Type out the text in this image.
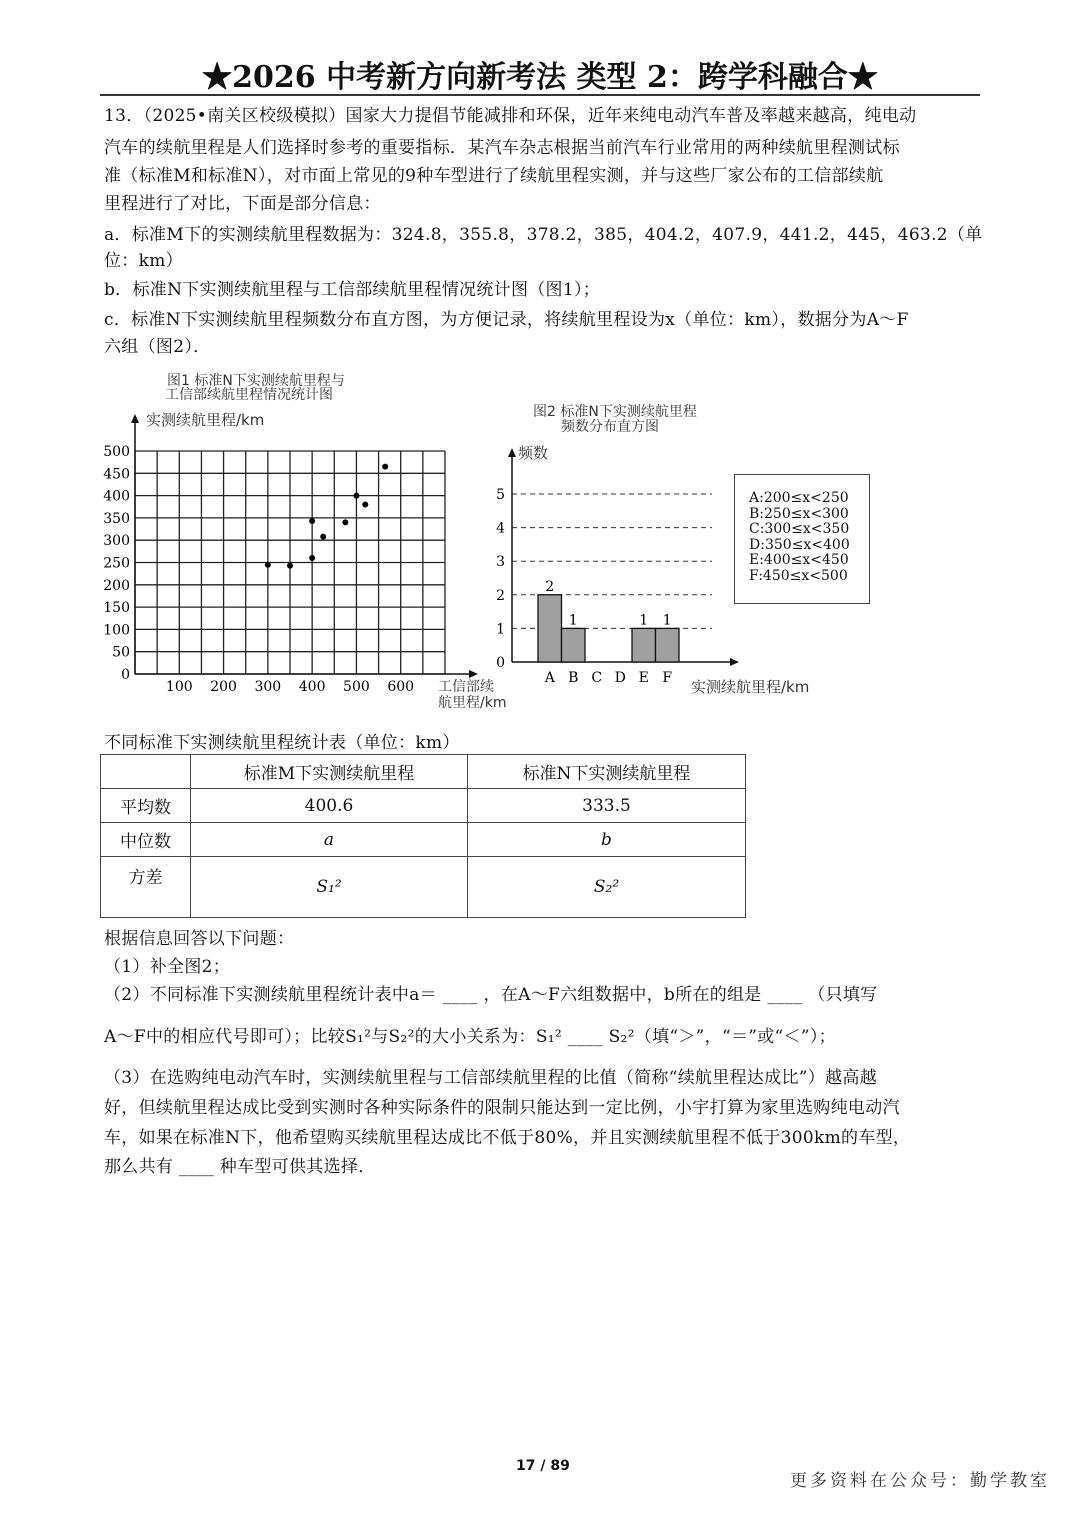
★2026 中考新方向新考法 类型 2：跨学科融合★
13．（2025•南关区校级模拟）国家大力提倡节能减排和环保，近年来纯电动汽车普及率越来越高，纯电动
汽车的续航里程是人们选择时参考的重要指标．某汽车杂志根据当前汽车行业常用的两种续航里程测试标
准（标准M和标准N），对市面上常见的9种车型进行了续航里程实测，并与这些厂家公布的工信部续航
里程进行了对比，下面是部分信息：
a．标准M下的实测续航里程数据为：324.8，355.8，378.2，385，404.2，407.9，441.2，445，463.2（单
位：km）
b．标准N下实测续航里程与工信部续航里程情况统计图（图1）；
c．标准N下实测续航里程频数分布直方图，为方便记录，将续航里程设为x（单位：km），数据分为A～F
六组（图2）．
图1 标准N下实测续航里程与
工信部续航里程情况统计图
实测续航里程/km
工信部续
航里程/km
100 200 300 400 500 600
0
50
100
150
200
250
300
350
400
450
500
图2 标准N下实测续航里程
频数分布直方图
频数
实测续航里程/km
A:200≤x<250
B:250≤x<300
C:300≤x<350
D:350≤x<400
E:400≤x<450
F:450≤x<500
0
1
2
3
4
5
2
A
1
B C D
1
E
1
F
不同标准下实测续航里程统计表（单位：km）
	标准M下实测续航里程	标准N下实测续航里程
平均数	400.6	333.5
中位数	a	b
方差	S₁²	S₂²
根据信息回答以下问题：
（1）补全图2；
（2）不同标准下实测续航里程统计表中a＝ ____ ，在A～F六组数据中，b所在的组是 ____ （只填写
A～F中的相应代号即可）；比较S₁²与S₂²的大小关系为：S₁² ____ S₂²（填“＞”，“＝”或“＜”）；
（3）在选购纯电动汽车时，实测续航里程与工信部续航里程的比值（简称“续航里程达成比”）越高越
好，但续航里程达成比受到实测时各种实际条件的限制只能达到一定比例，小宇打算为家里选购纯电动汽
车，如果在标准N下，他希望购买续航里程达成比不低于80%，并且实测续航里程不低于300km的车型，
那么共有 ____ 种车型可供其选择．
17 / 89
更多资料在公众号：勤学教室
